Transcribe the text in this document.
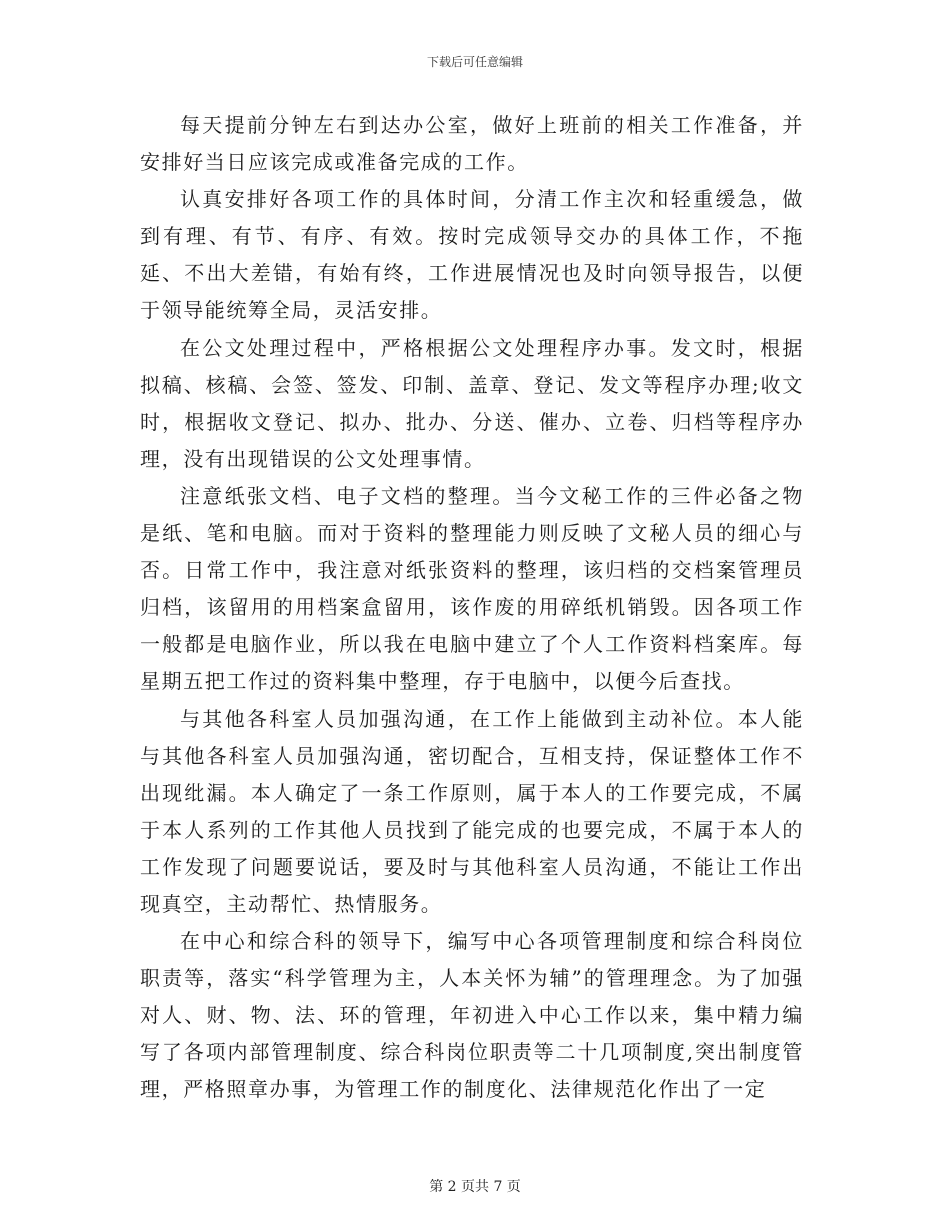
下载后可任意编辑

每天提前分钟左右到达办公室，做好上班前的相关工作准备，并安排好当日应该完成或准备完成的工作。

认真安排好各项工作的具体时间，分清工作主次和轻重缓急，做到有理、有节、有序、有效。按时完成领导交办的具体工作，不拖延、不出大差错，有始有终，工作进展情况也及时向领导报告，以便于领导能统筹全局，灵活安排。

在公文处理过程中，严格根据公文处理程序办事。发文时，根据拟稿、核稿、会签、签发、印制、盖章、登记、发文等程序办理;收文时，根据收文登记、拟办、批办、分送、催办、立卷、归档等程序办理，没有出现错误的公文处理事情。

注意纸张文档、电子文档的整理。当今文秘工作的三件必备之物是纸、笔和电脑。而对于资料的整理能力则反映了文秘人员的细心与否。日常工作中，我注意对纸张资料的整理，该归档的交档案管理员归档，该留用的用档案盒留用，该作废的用碎纸机销毁。因各项工作一般都是电脑作业，所以我在电脑中建立了个人工作资料档案库。每星期五把工作过的资料集中整理，存于电脑中，以便今后查找。

与其他各科室人员加强沟通，在工作上能做到主动补位。本人能与其他各科室人员加强沟通，密切配合，互相支持，保证整体工作不出现纰漏。本人确定了一条工作原则，属于本人的工作要完成，不属于本人系列的工作其他人员找到了能完成的也要完成，不属于本人的工作发现了问题要说话，要及时与其他科室人员沟通，不能让工作出现真空，主动帮忙、热情服务。

在中心和综合科的领导下，编写中心各项管理制度和综合科岗位职责等，落实“科学管理为主，人本关怀为辅”的管理理念。为了加强对人、财、物、法、环的管理，年初进入中心工作以来，集中精力编写了各项内部管理制度、综合科岗位职责等二十几项制度,突出制度管理，严格照章办事，为管理工作的制度化、法律规范化作出了一定

第 2 页共 7 页
